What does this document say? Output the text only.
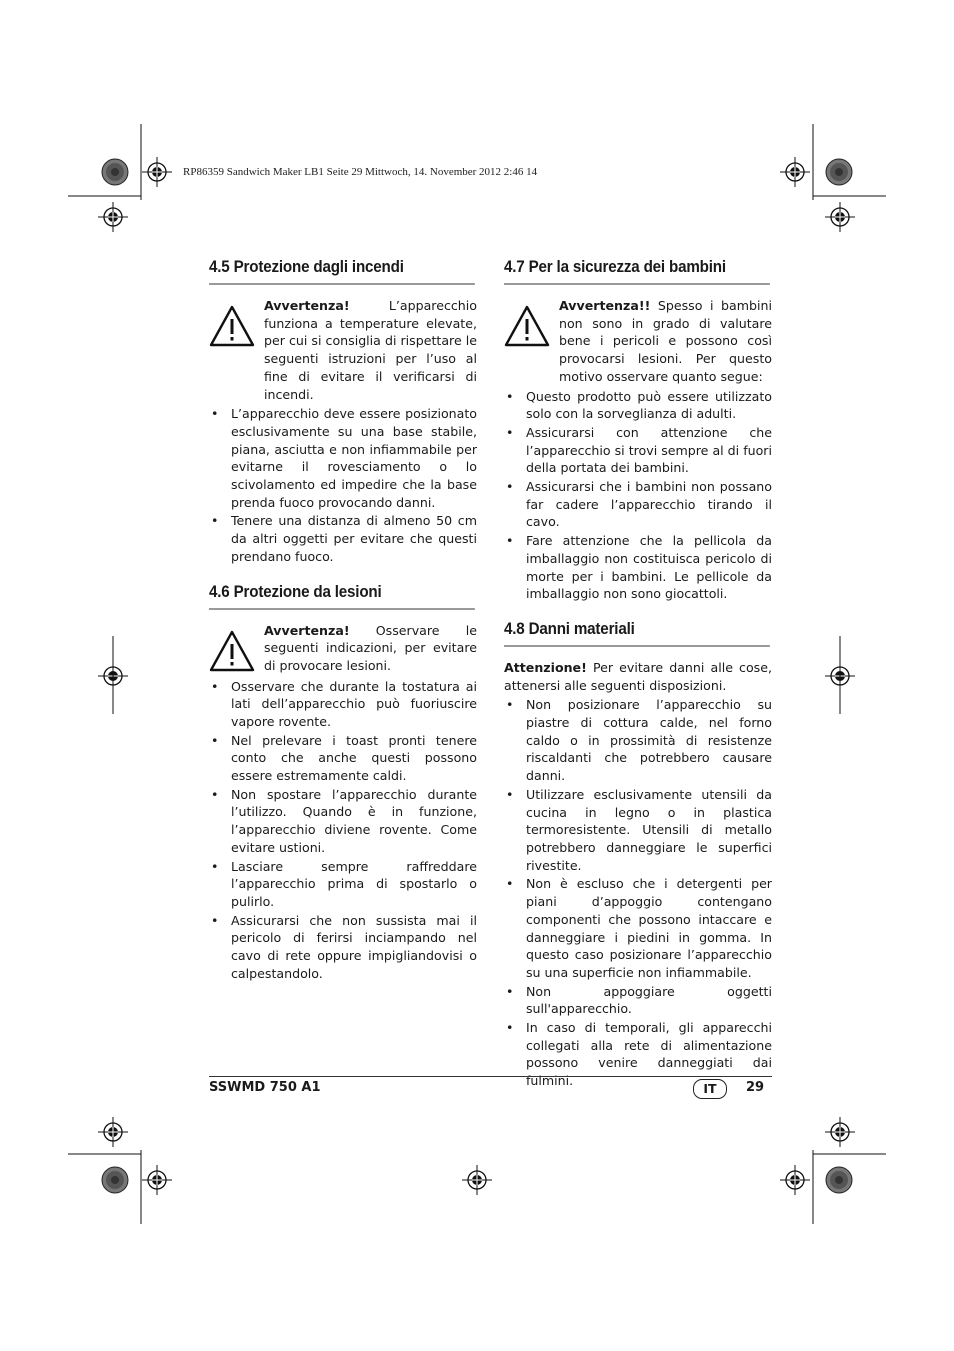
RP86359 Sandwich Maker LB1 Seite 29 Mittwoch, 14. November 2012 2:46 14
4.5 Protezione dagli incendi
Avvertenza! L’apparecchio funziona a temperature elevate, per cui si consiglia di rispettare le seguenti istruzioni per l’uso al fine di evitare il verificarsi di incendi.
• L’apparecchio deve essere posizionato esclusivamente su una base stabile, piana, asciutta e non infiammabile per evitarne il rovesciamento o lo scivolamento ed impedire che la base prenda fuoco provocando danni.
• Tenere una distanza di almeno 50 cm da altri oggetti per evitare che questi prendano fuoco.
4.6 Protezione da lesioni
Avvertenza! Osservare le seguenti indicazioni, per evitare di provocare lesioni.
• Osservare che durante la tostatura ai lati dell’apparecchio può fuoriuscire vapore rovente.
• Nel prelevare i toast pronti tenere conto che anche questi possono essere estremamente caldi.
• Non spostare l’apparecchio durante l’utilizzo. Quando è in funzione, l’apparecchio diviene rovente. Come evitare ustioni.
• Lasciare sempre raffreddare l’apparecchio prima di spostarlo o pulirlo.
• Assicurarsi che non sussista mai il pericolo di ferirsi inciampando nel cavo di rete oppure impigliandovisi o calpestandolo.
4.7 Per la sicurezza dei bambini
Avvertenza!! Spesso i bambini non sono in grado di valutare bene i pericoli e possono così provocarsi lesioni. Per questo motivo osservare quanto segue:
• Questo prodotto può essere utilizzato solo con la sorveglianza di adulti.
• Assicurarsi con attenzione che l’apparecchio si trovi sempre al di fuori della portata dei bambini.
• Assicurarsi che i bambini non possano far cadere l’apparecchio tirando il cavo.
• Fare attenzione che la pellicola da imballaggio non costituisca pericolo di morte per i bambini. Le pellicole da imballaggio non sono giocattoli.
4.8 Danni materiali

Attenzione! Per evitare danni alle cose, attenersi alle seguenti disposizioni.

• Non posizionare l’apparecchio su piastre di cottura calde, nel forno caldo o in prossimità di resistenze riscaldanti che potrebbero causare danni.
• Utilizzare esclusivamente utensili da cucina in legno o in plastica termoresistente. Utensili di metallo potrebbero danneggiare le superfici rivestite.
• Non è escluso che i detergenti per piani d’appoggio contengano componenti che possono intaccare e danneggiare i piedini in gomma. In questo caso posizionare l’apparecchio su una superficie non infiammabile.
• Non appoggiare oggetti sull'apparecchio.
• In caso di temporali, gli apparecchi collegati alla rete di alimentazione possono venire danneggiati dai fulmini.
SSWMD 750 A1	IT	29
